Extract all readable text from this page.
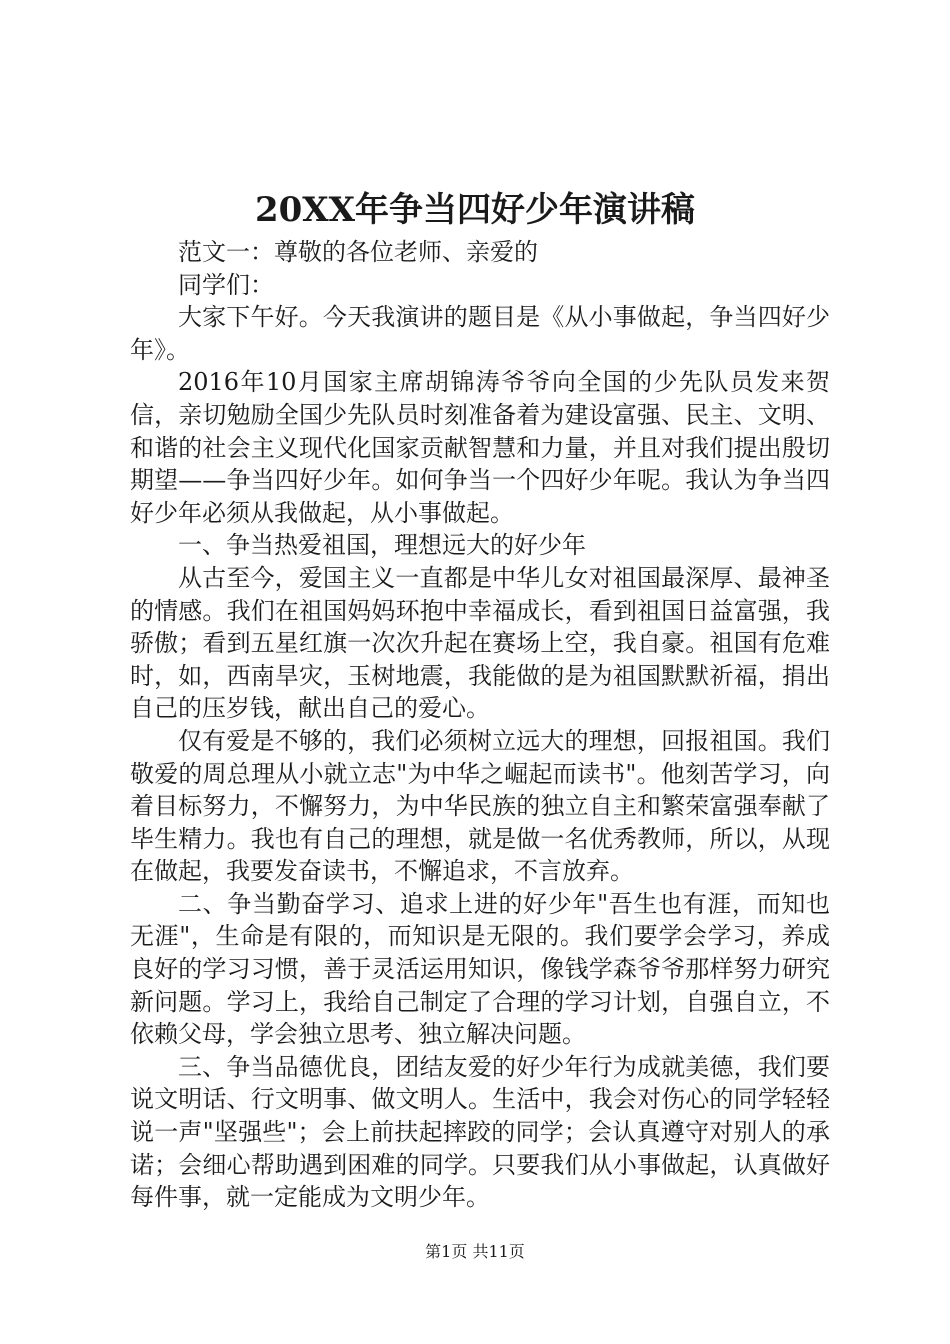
20XX年争当四好少年演讲稿

范文一：尊敬的各位老师、亲爱的

同学们：

大家下午好。今天我演讲的题目是《从小事做起，争当四好少年》。

2016年10月国家主席胡锦涛爷爷向全国的少先队员发来贺信，亲切勉励全国少先队员时刻准备着为建设富强、民主、文明、和谐的社会主义现代化国家贡献智慧和力量，并且对我们提出殷切期望——争当四好少年。如何争当一个四好少年呢。我认为争当四好少年必须从我做起，从小事做起。

一、争当热爱祖国，理想远大的好少年

从古至今，爱国主义一直都是中华儿女对祖国最深厚、最神圣的情感。我们在祖国妈妈环抱中幸福成长，看到祖国日益富强，我骄傲；看到五星红旗一次次升起在赛场上空，我自豪。祖国有危难时，如，西南旱灾，玉树地震，我能做的是为祖国默默祈福，捐出自己的压岁钱，献出自己的爱心。

仅有爱是不够的，我们必须树立远大的理想，回报祖国。我们敬爱的周总理从小就立志"为中华之崛起而读书"。他刻苦学习，向着目标努力，不懈努力，为中华民族的独立自主和繁荣富强奉献了毕生精力。我也有自己的理想，就是做一名优秀教师，所以，从现在做起，我要发奋读书，不懈追求，不言放弃。

二、争当勤奋学习、追求上进的好少年"吾生也有涯，而知也无涯"，生命是有限的，而知识是无限的。我们要学会学习，养成良好的学习习惯，善于灵活运用知识，像钱学森爷爷那样努力研究新问题。学习上，我给自己制定了合理的学习计划，自强自立，不依赖父母，学会独立思考、独立解决问题。

三、争当品德优良，团结友爱的好少年行为成就美德，我们要说文明话、行文明事、做文明人。生活中，我会对伤心的同学轻轻说一声"坚强些"；会上前扶起摔跤的同学；会认真遵守对别人的承诺；会细心帮助遇到困难的同学。只要我们从小事做起，认真做好每件事，就一定能成为文明少年。

第1页 共11页
